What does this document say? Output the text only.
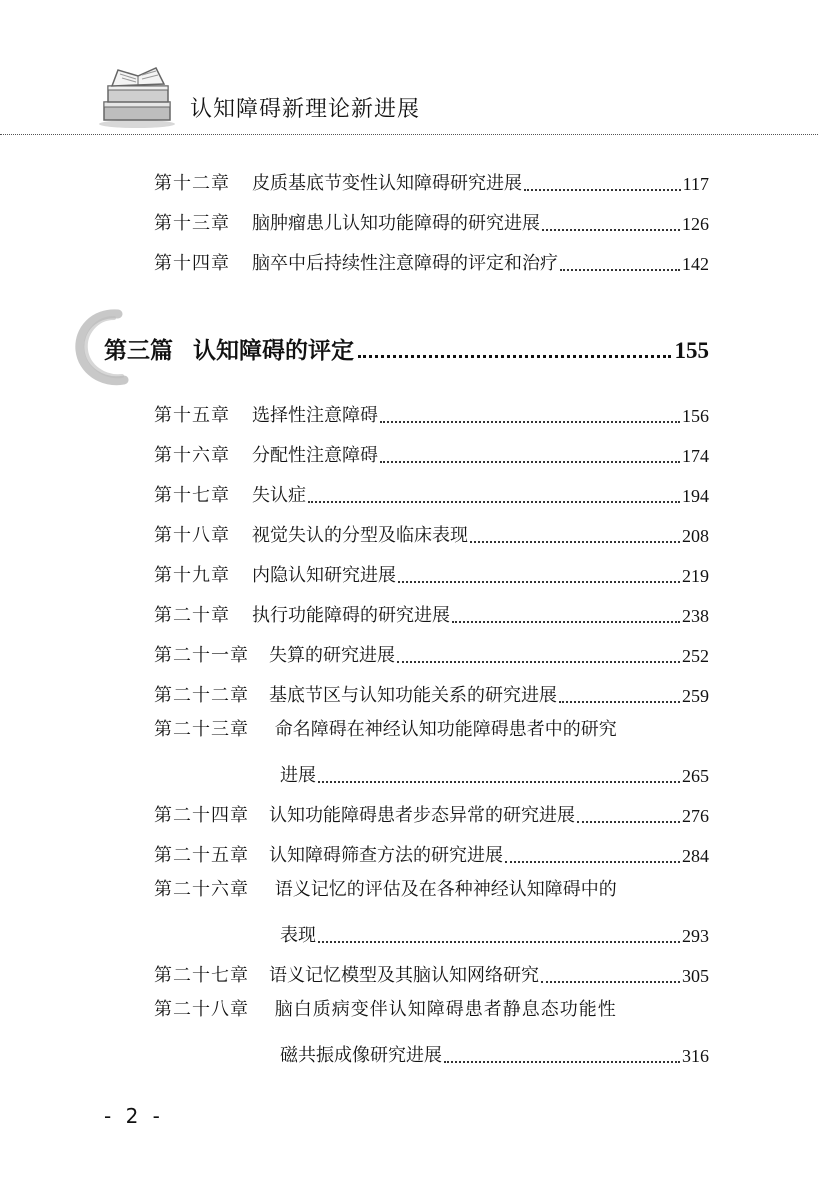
认知障碍新理论新进展
第十二章 皮质基底节变性认知障碍研究进展	117
第十三章 脑肿瘤患儿认知功能障碍的研究进展	126
第十四章 脑卒中后持续性注意障碍的评定和治疗	142
第三篇 认知障碍的评定	155
第十五章 选择性注意障碍	156
第十六章 分配性注意障碍	174
第十七章 失认症	194
第十八章 视觉失认的分型及临床表现	208
第十九章 内隐认知研究进展	219
第二十章 执行功能障碍的研究进展	238
第二十一章 失算的研究进展	252
第二十二章 基底节区与认知功能关系的研究进展	259
第二十三章 命名障碍在神经认知功能障碍患者中的研究
进展	265
第二十四章 认知功能障碍患者步态异常的研究进展	276
第二十五章 认知障碍筛查方法的研究进展	284
第二十六章 语义记忆的评估及在各种神经认知障碍中的
表现	293
第二十七章 语义记忆模型及其脑认知网络研究	305
第二十八章 脑白质病变伴认知障碍患者静息态功能性
磁共振成像研究进展	316
- 2 -
